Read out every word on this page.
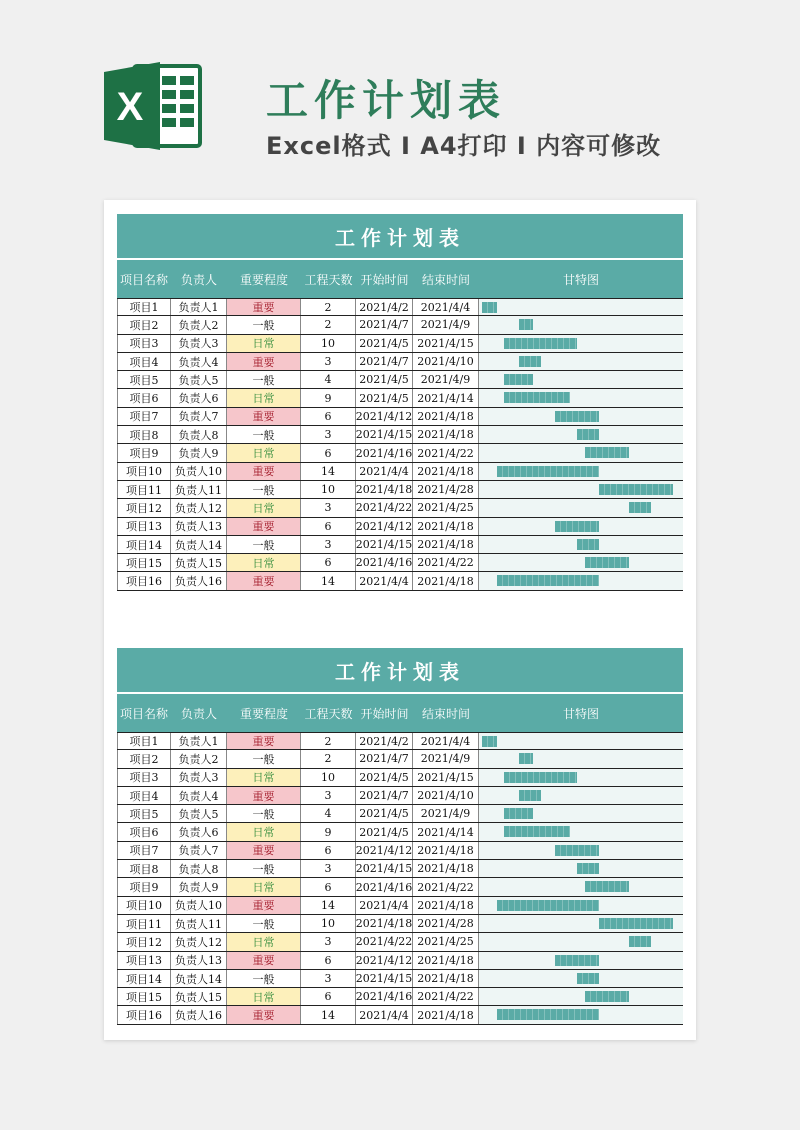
X	工作计划表

Excel格式 I A4打印 I 内容可修改

工作计划表
项目名称	负责人	重要程度	工程天数 开始时间	结束时间	甘特图
项目1	负责人1	重要	2	2021/4/2	2021/4/4
项目2	负责人2	一般	2	2021/4/7	2021/4/9
项目3	负责人3	日常	10	2021/4/5 2021/4/15
项目4	负责人4	重要	3	2021/4/7 2021/4/10
项目5	负责人5	一般	4	2021/4/5	2021/4/9
项目6	负责人6	日常	9	2021/4/5 2021/4/14
项目7	负责人7	重要	6	2021/4/12 2021/4/18
项目8	负责人8	一般	3	2021/4/15 2021/4/18
项目9	负责人9	日常	6	2021/4/16 2021/4/22
项目10	负责人10	重要	14	2021/4/4 2021/4/18
项目11	负责人11	一般	10	2021/4/18 2021/4/28
项目12	负责人12	日常	3	2021/4/22 2021/4/25
项目13	负责人13	重要	6	2021/4/12 2021/4/18
项目14	负责人14	一般	3	2021/4/15 2021/4/18
项目15	负责人15	日常	6	2021/4/16 2021/4/22
项目16	负责人16	重要	14	2021/4/4 2021/4/18
工作计划表
项目名称	负责人	重要程度	工程天数 开始时间	结束时间	甘特图
项目1	负责人1	重要	2	2021/4/2	2021/4/4
项目2	负责人2	一般	2	2021/4/7	2021/4/9
项目3	负责人3	日常	10	2021/4/5 2021/4/15
项目4	负责人4	重要	3	2021/4/7 2021/4/10
项目5	负责人5	一般	4	2021/4/5	2021/4/9
项目6	负责人6	日常	9	2021/4/5 2021/4/14
项目7	负责人7	重要	6	2021/4/12 2021/4/18
项目8	负责人8	一般	3	2021/4/15 2021/4/18
项目9	负责人9	日常	6	2021/4/16 2021/4/22
项目10	负责人10	重要	14	2021/4/4 2021/4/18
项目11	负责人11	一般	10	2021/4/18 2021/4/28
项目12	负责人12	日常	3	2021/4/22 2021/4/25
项目13	负责人13	重要	6	2021/4/12 2021/4/18
项目14	负责人14	一般	3	2021/4/15 2021/4/18
项目15	负责人15	日常	6	2021/4/16 2021/4/22
项目16	负责人16	重要	14	2021/4/4 2021/4/18
